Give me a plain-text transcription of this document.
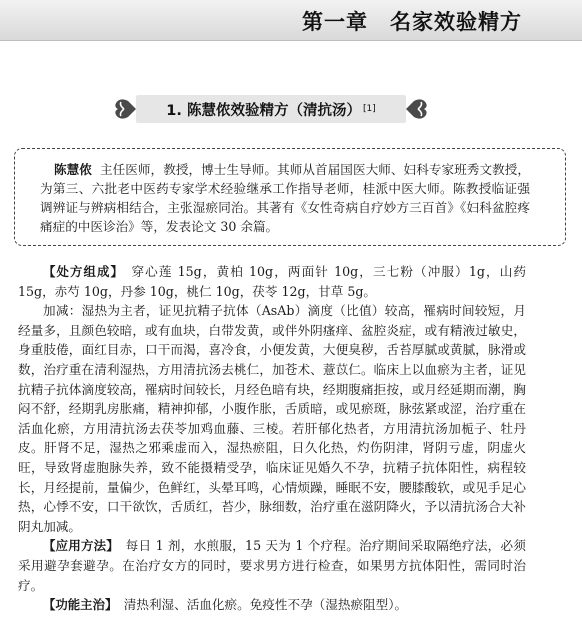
第一章　名家效验精方
1. 陈慧侬效验精方（清抗汤） [1]
陈慧侬 主任医师，教授，博士生导师。其师从首届国医大师、妇科专家班秀文教授，为第三、六批老中医药专家学术经验继承工作指导老师，桂派中医大师。陈教授临证强调辨证与辨病相结合，主张湿瘀同治。其著有《女性奇病自疗妙方三百首》《妇科盆腔疼痛症的中医诊治》等，发表论文 30 余篇。

【处方组成】　 穿心莲 15g，黄柏 10g，两面针 10g，三七粉（冲服）1g，山药 15g，赤芍 10g，丹参 10g，桃仁 10g，茯苓 12g，甘草 5g。

加减：湿热为主者，证见抗精子抗体（AsAb）滴度（比值）较高，罹病时间较短，月经量多，且颜色较暗，或有血块，白带发黄，或伴外阴瘙痒、盆腔炎症，或有精液过敏史，身重肢倦，面红目赤，口干而渴，喜冷食，小便发黄，大便臭秽，舌苔厚腻或黄腻，脉滑或数，治疗重在清利湿热，方用清抗汤去桃仁，加苍术、薏苡仁。临床上以血瘀为主者，证见抗精子抗体滴度较高，罹病时间较长，月经色暗有块，经期腹痛拒按，或月经延期而潮，胸闷不舒，经期乳房胀痛，精神抑郁，小腹作胀，舌质暗，或见瘀斑，脉弦紧或涩，治疗重在活血化瘀，方用清抗汤去茯苓加鸡血藤、三棱。若肝郁化热者，方用清抗汤加栀子、牡丹皮。肝肾不足，湿热之邪乘虚而入，湿热瘀阻，日久化热，灼伤阴津，肾阴亏虚，阴虚火旺，导致肾虚胞脉失养，致不能摄精受孕，临床证见婚久不孕，抗精子抗体阳性，病程较长，月经提前，量偏少，色鲜红，头晕耳鸣，心情烦躁，睡眠不安，腰膝酸软，或见手足心热，心悸不安，口干欲饮，舌质红，苔少，脉细数，治疗重在滋阴降火，予以清抗汤合大补阴丸加减。

【应用方法】　 每日 1 剂，水煎服，15 天为 1 个疗程。治疗期间采取隔绝疗法，必须采用避孕套避孕。在治疗女方的同时，要求男方进行检查，如果男方抗体阳性，需同时治疗。

【功能主治】　 清热利湿、活血化瘀。免疫性不孕（湿热瘀阻型）。
